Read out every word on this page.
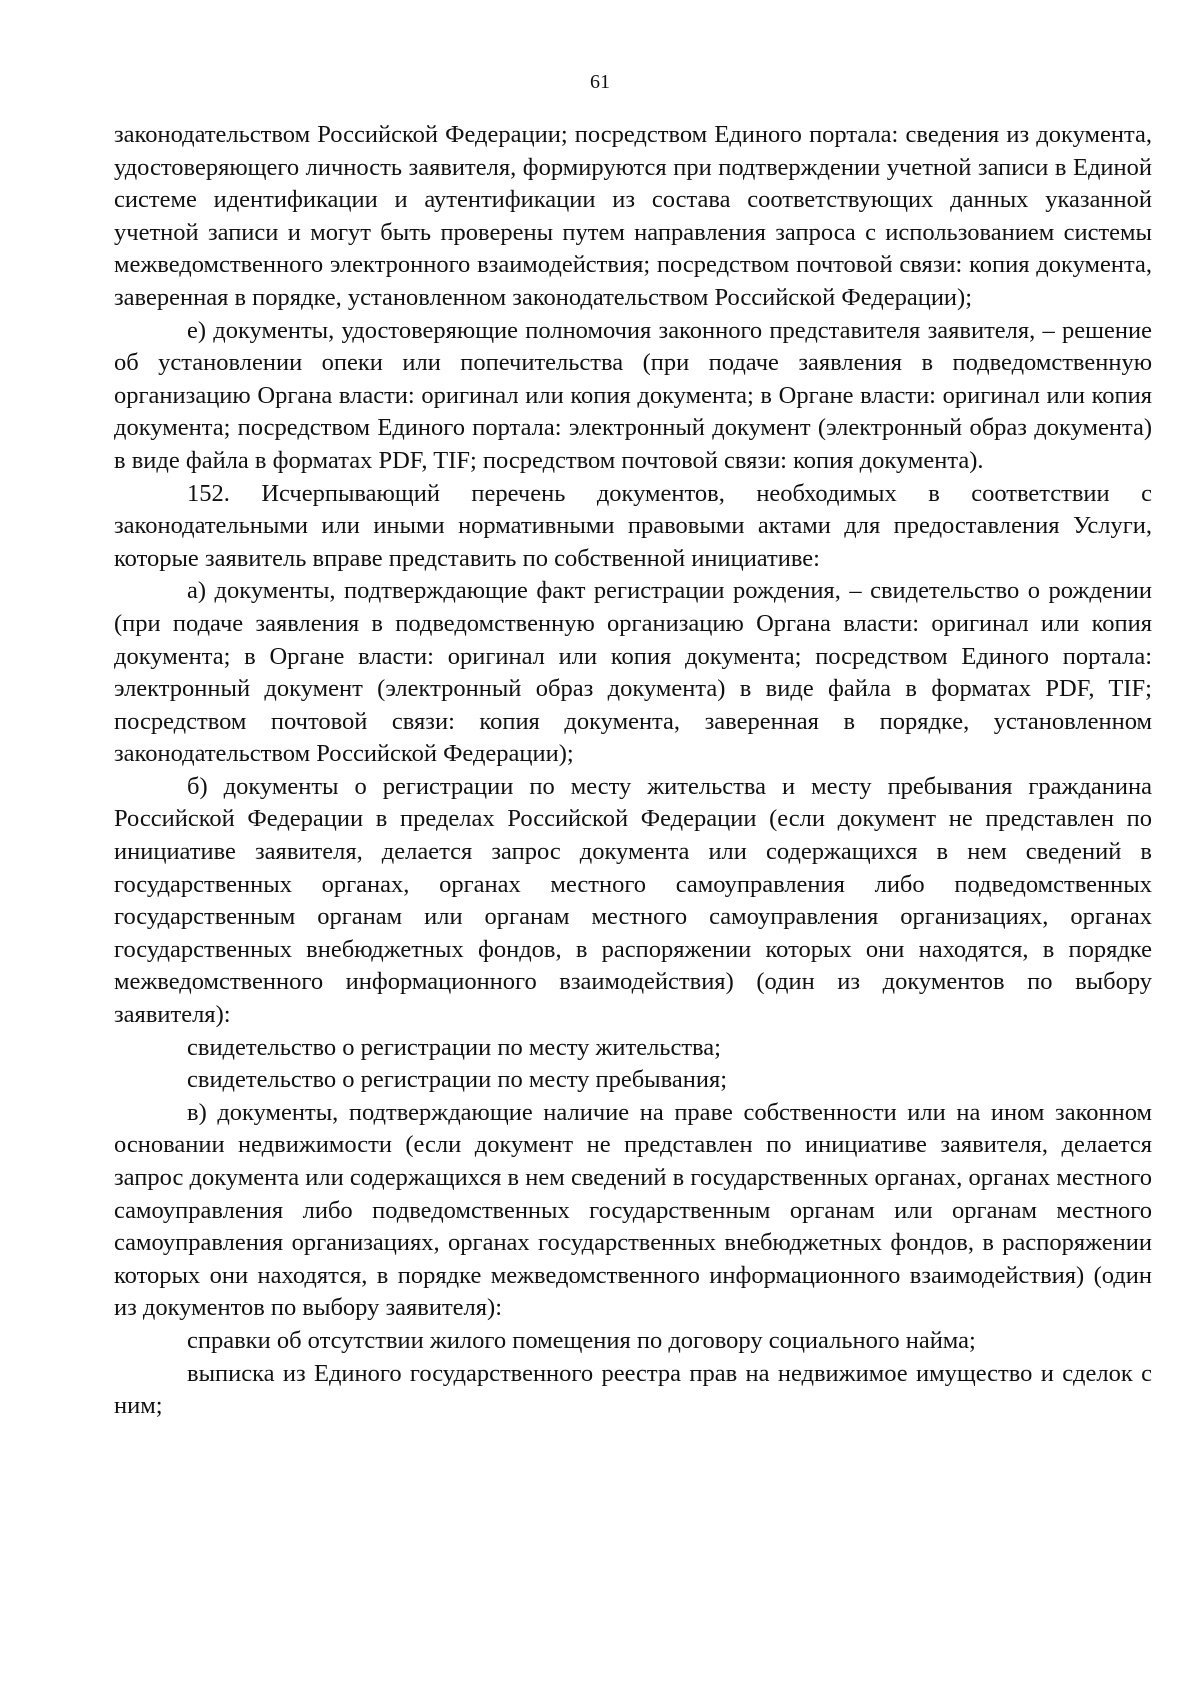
61

законодательством Российской Федерации; посредством Единого портала: сведения из документа, удостоверяющего личность заявителя, формируются при подтверждении учетной записи в Единой системе идентификации и аутентификации из состава соответствующих данных указанной учетной записи и могут быть проверены путем направления запроса с использованием системы межведомственного электронного взаимодействия; посредством почтовой связи: копия документа, заверенная в порядке, установленном законодательством Российской Федерации);

е) документы, удостоверяющие полномочия законного представителя заявителя, – решение об установлении опеки или попечительства (при подаче заявления в подведомственную организацию Органа власти: оригинал или копия документа; в Органе власти: оригинал или копия документа; посредством Единого портала: электронный документ (электронный образ документа) в виде файла в форматах PDF, TIF; посредством почтовой связи: копия документа).

152. Исчерпывающий перечень документов, необходимых в соответствии с законодательными или иными нормативными правовыми актами для предоставления Услуги, которые заявитель вправе представить по собственной инициативе:

а) документы, подтверждающие факт регистрации рождения, – свидетельство о рождении (при подаче заявления в подведомственную организацию Органа власти: оригинал или копия документа; в Органе власти: оригинал или копия документа; посредством Единого портала: электронный документ (электронный образ документа) в виде файла в форматах PDF, TIF; посредством почтовой связи: копия документа, заверенная в порядке, установленном законодательством Российской Федерации);

б) документы о регистрации по месту жительства и месту пребывания гражданина Российской Федерации в пределах Российской Федерации (если документ не представлен по инициативе заявителя, делается запрос документа или содержащихся в нем сведений в государственных органах, органах местного самоуправления либо подведомственных государственным органам или органам местного самоуправления организациях, органах государственных внебюджетных фондов, в распоряжении которых они находятся, в порядке межведомственного информационного взаимодействия) (один из документов по выбору заявителя):

свидетельство о регистрации по месту жительства;

свидетельство о регистрации по месту пребывания;

в) документы, подтверждающие наличие на праве собственности или на ином законном основании недвижимости (если документ не представлен по инициативе заявителя, делается запрос документа или содержащихся в нем сведений в государственных органах, органах местного самоуправления либо подведомственных государственным органам или органам местного самоуправления организациях, органах государственных внебюджетных фондов, в распоряжении которых они находятся, в порядке межведомственного информационного взаимодействия) (один из документов по выбору заявителя):

справки об отсутствии жилого помещения по договору социального найма;

выписка из Единого государственного реестра прав на недвижимое имущество и сделок с ним;
